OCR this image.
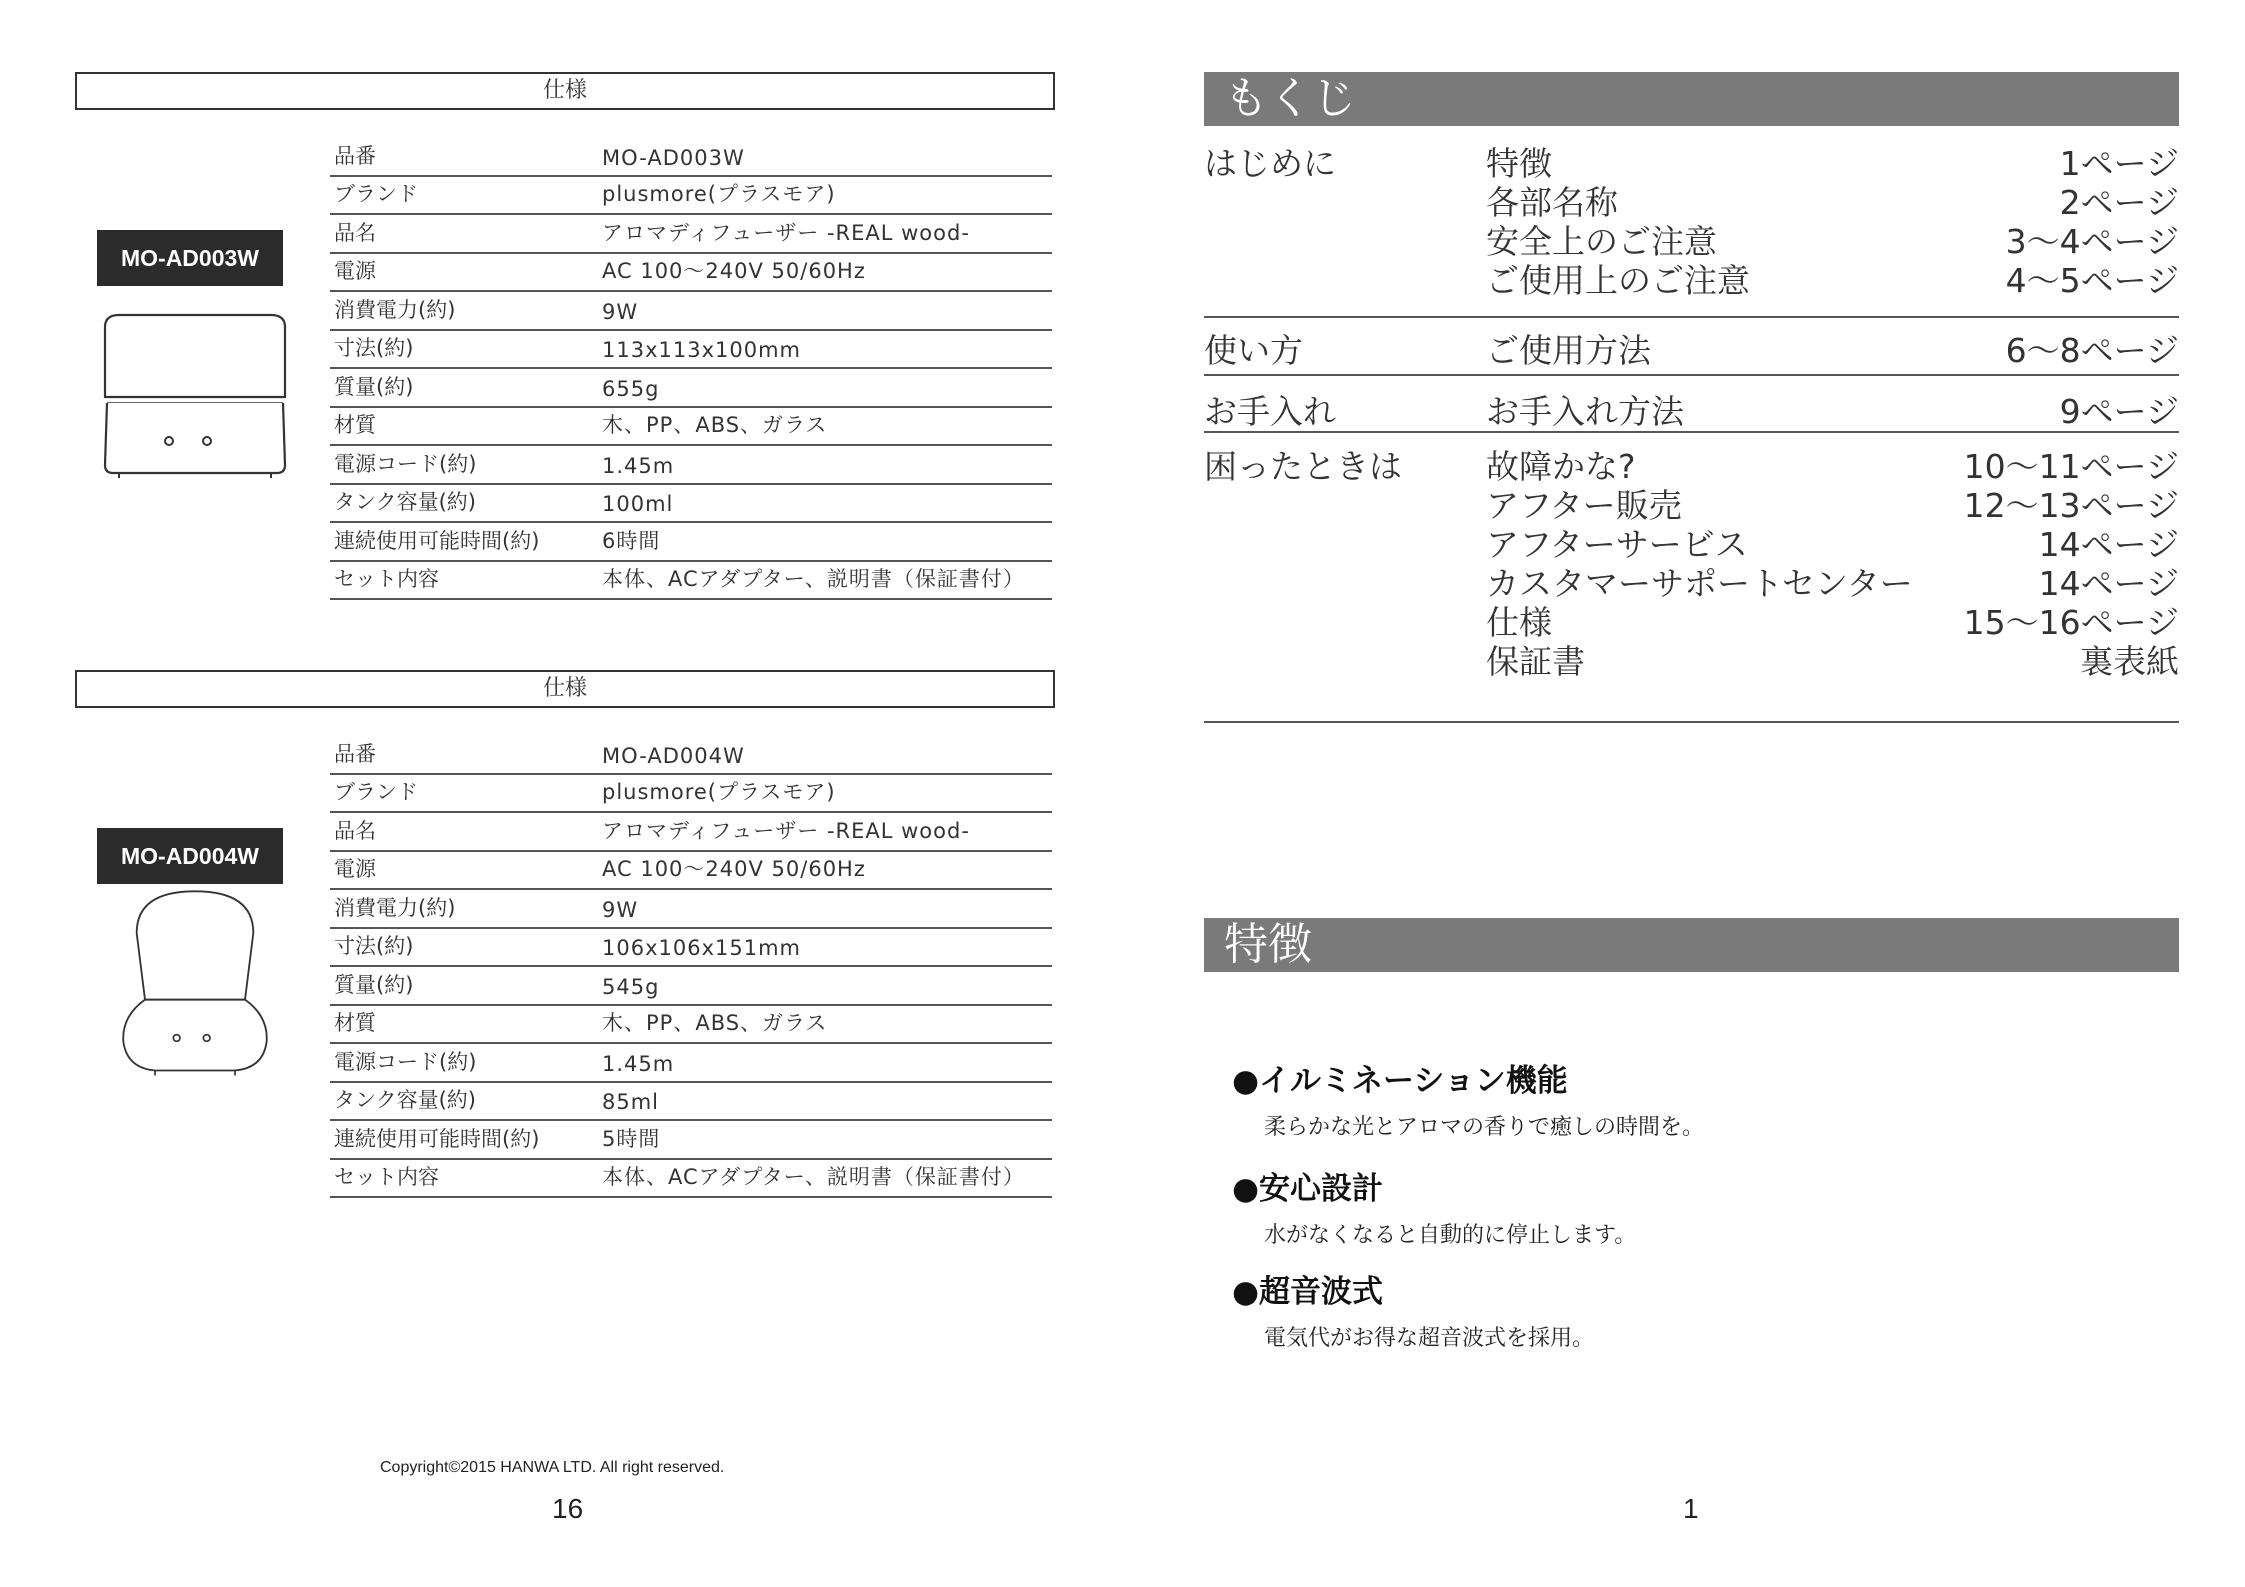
仕様
MO-AD003W
品番	MO-AD003W
ブランド	plusmore(プラスモア)
品名	アロマディフューザー -REAL wood-
電源	AC 100～240V 50/60Hz
消費電力(約)	9W
寸法(約)	113x113x100mm
質量(約)	655g
材質	木、PP、ABS、ガラス
電源コード(約)	1.45m
タンク容量(約)	100ml
連続使用可能時間(約)	6時間
セット内容	本体、ACアダプター、説明書（保証書付）
仕様
MO-AD004W
品番	MO-AD004W
ブランド	plusmore(プラスモア)
品名	アロマディフューザー -REAL wood-
電源	AC 100～240V 50/60Hz
消費電力(約)	9W
寸法(約)	106x106x151mm
質量(約)	545g
材質	木、PP、ABS、ガラス
電源コード(約)	1.45m
タンク容量(約)	85ml
連続使用可能時間(約)	5時間
セット内容	本体、ACアダプター、説明書（保証書付）
Copyright©2015 HANWA LTD. All right reserved.
16
もくじ
はじめに	特徴	1ページ
各部名称	2ページ
安全上のご注意	3～4ページ
ご使用上のご注意	4～5ページ
使い方	ご使用方法	6～8ページ
お手入れ	お手入れ方法	9ページ
困ったときは	故障かな?	10～11ページ
アフター販売	12～13ページ
アフターサービス	14ページ
カスタマーサポートセンター	14ページ
仕様	15～16ページ
保証書	裏表紙
特徴
●イルミネーション機能
柔らかな光とアロマの香りで癒しの時間を。
●安心設計
水がなくなると自動的に停止します。
●超音波式
電気代がお得な超音波式を採用。
1
